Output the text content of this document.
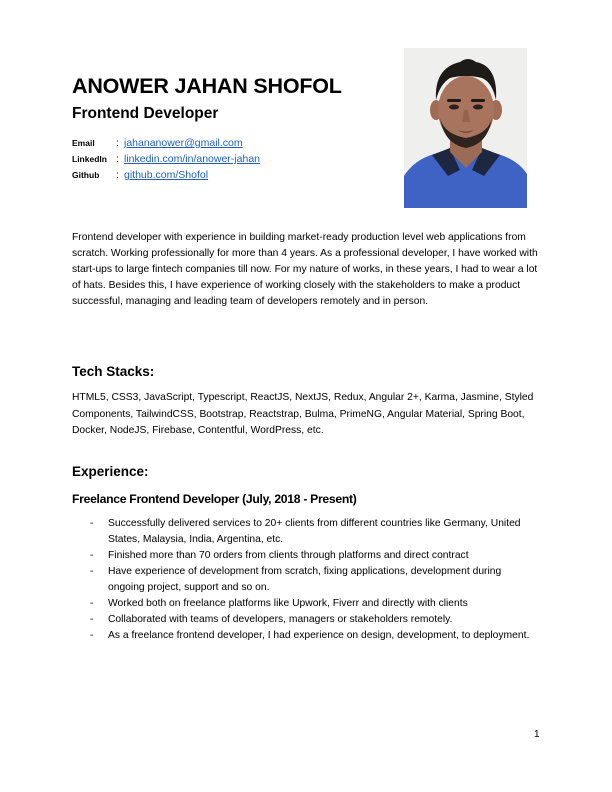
ANOWER JAHAN SHOFOL
Frontend Developer
Email	: jahananower@gmail.com
LinkedIn : linkedin.com/in/anower-jahan
Github	: github.com/Shofol

Frontend developer with experience in building market-ready production level web applications from scratch. Working professionally for more than 4 years. As a professional developer, I have worked with start-ups to large fintech companies till now. For my nature of works, in these years, I had to wear a lot of hats. Besides this, I have experience of working closely with the stakeholders to make a product successful, managing and leading team of developers remotely and in person.

Tech Stacks:

HTML5, CSS3, JavaScript, Typescript, ReactJS, NextJS, Redux, Angular 2+, Karma, Jasmine, Styled Components, TailwindCSS, Bootstrap, Reactstrap, Bulma, PrimeNG, Angular Material, Spring Boot, Docker, NodeJS, Firebase, Contentful, WordPress, etc.

Experience:
Freelance Frontend Developer (July, 2018 - Present)
- Successfully delivered services to 20+ clients from different countries like Germany, United States, Malaysia, India, Argentina, etc.
- Finished more than 70 orders from clients through platforms and direct contract
- Have experience of development from scratch, fixing applications, development during ongoing project, support and so on.
- Worked both on freelance platforms like Upwork, Fiverr and directly with clients
- Collaborated with teams of developers, managers or stakeholders remotely.
- As a freelance frontend developer, I had experience on design, development, to deployment.
1
